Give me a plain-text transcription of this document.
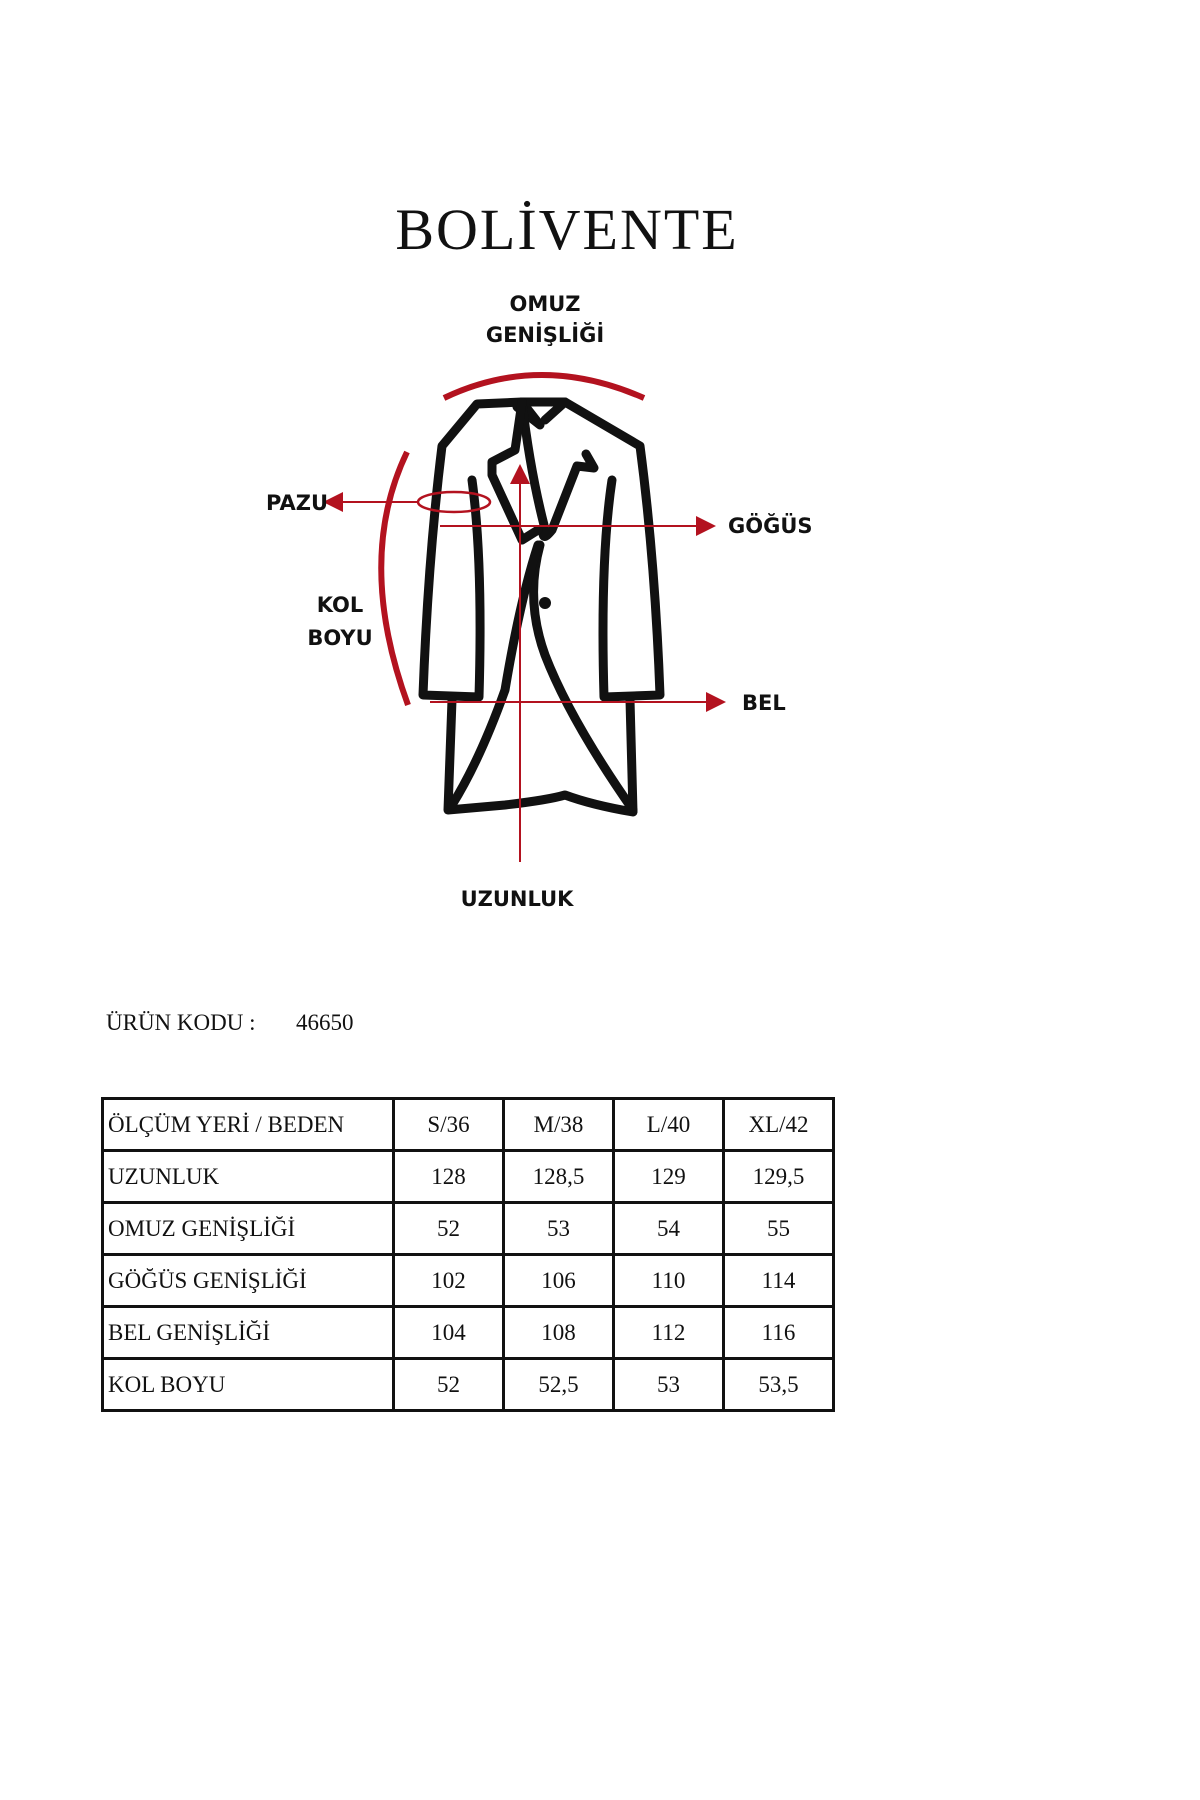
BOLİVENTE
OMUZ
GENİŞLİĞİ
PAZU
GÖĞÜS
KOL
BOYU
BEL
UZUNLUK
ÜRÜN KODU : 46650
ÖLÇÜM YERİ / BEDEN	S/36	M/38	L/40	XL/42
UZUNLUK	128	128,5	129	129,5
OMUZ GENİŞLİĞİ	52	53	54	55
GÖĞÜS GENİŞLİĞİ	102	106	110	114
BEL GENİŞLİĞİ	104	108	112	116
KOL BOYU	52	52,5	53	53,5
